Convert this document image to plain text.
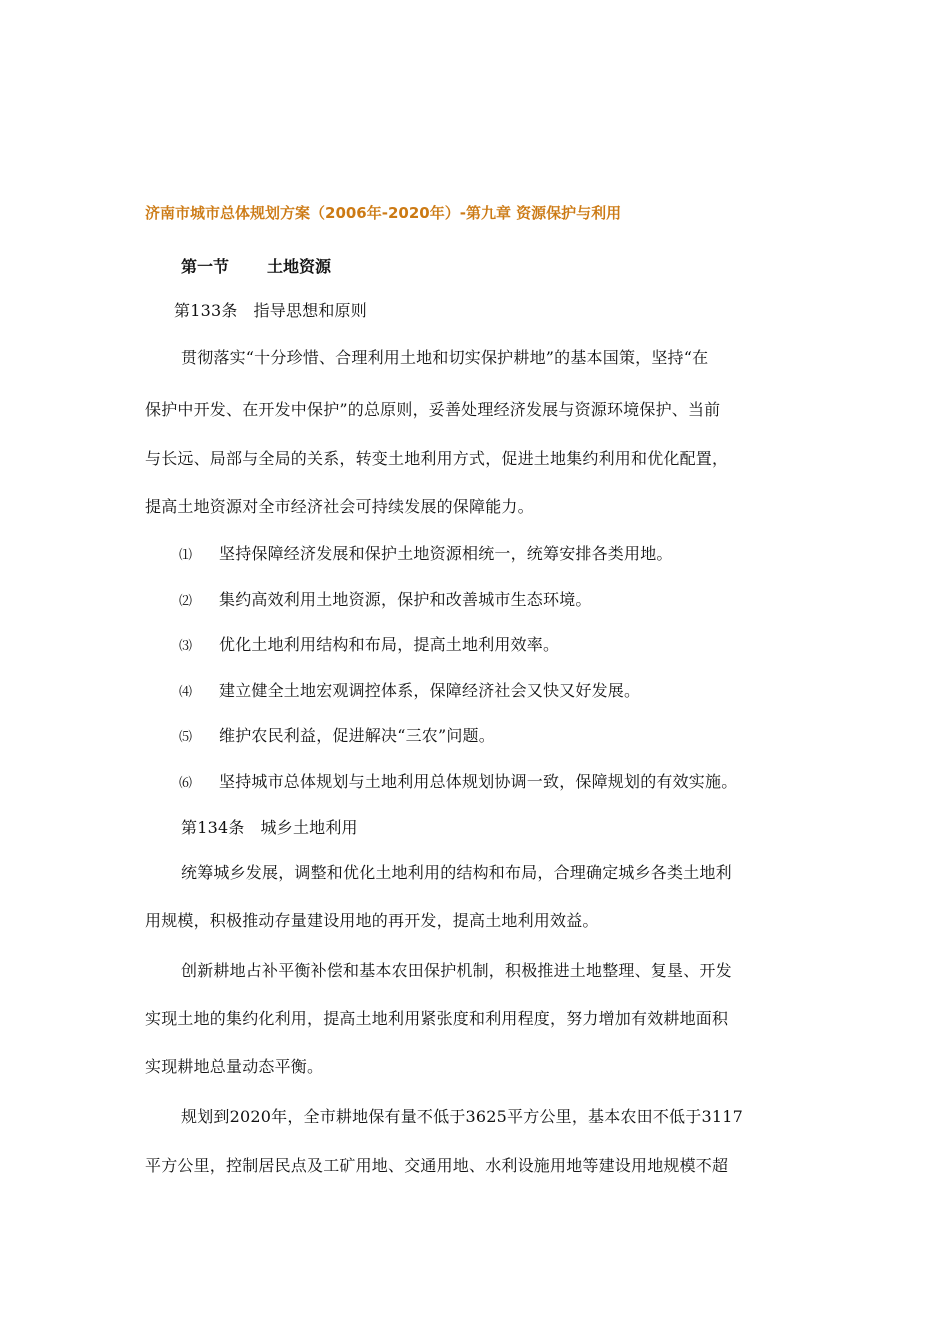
济南市城市总体规划方案（2006年-2020年）-第九章 资源保护与利用
第一节 土地资源
第133条 指导思想和原则
贯彻落实“十分珍惜、合理利用土地和切实保护耕地”的基本国策，坚持“在
保护中开发、在开发中保护”的总原则，妥善处理经济发展与资源环境保护、当前
与长远、局部与全局的关系，转变土地利用方式，促进土地集约利用和优化配置，
提高土地资源对全市经济社会可持续发展的保障能力。
⑴ 坚持保障经济发展和保护土地资源相统一，统筹安排各类用地。
⑵ 集约高效利用土地资源，保护和改善城市生态环境。
⑶ 优化土地利用结构和布局，提高土地利用效率。
⑷ 建立健全土地宏观调控体系，保障经济社会又快又好发展。
⑸ 维护农民利益，促进解决“三农”问题。
⑹ 坚持城市总体规划与土地利用总体规划协调一致，保障规划的有效实施。
第134条 城乡土地利用
统筹城乡发展，调整和优化土地利用的结构和布局，合理确定城乡各类土地利
用规模，积极推动存量建设用地的再开发，提高土地利用效益。
创新耕地占补平衡补偿和基本农田保护机制，积极推进土地整理、复垦、开发
实现土地的集约化利用，提高土地利用紧张度和利用程度，努力增加有效耕地面积
实现耕地总量动态平衡。
规划到2020年，全市耕地保有量不低于3625平方公里，基本农田不低于3117
平方公里，控制居民点及工矿用地、交通用地、水利设施用地等建设用地规模不超
